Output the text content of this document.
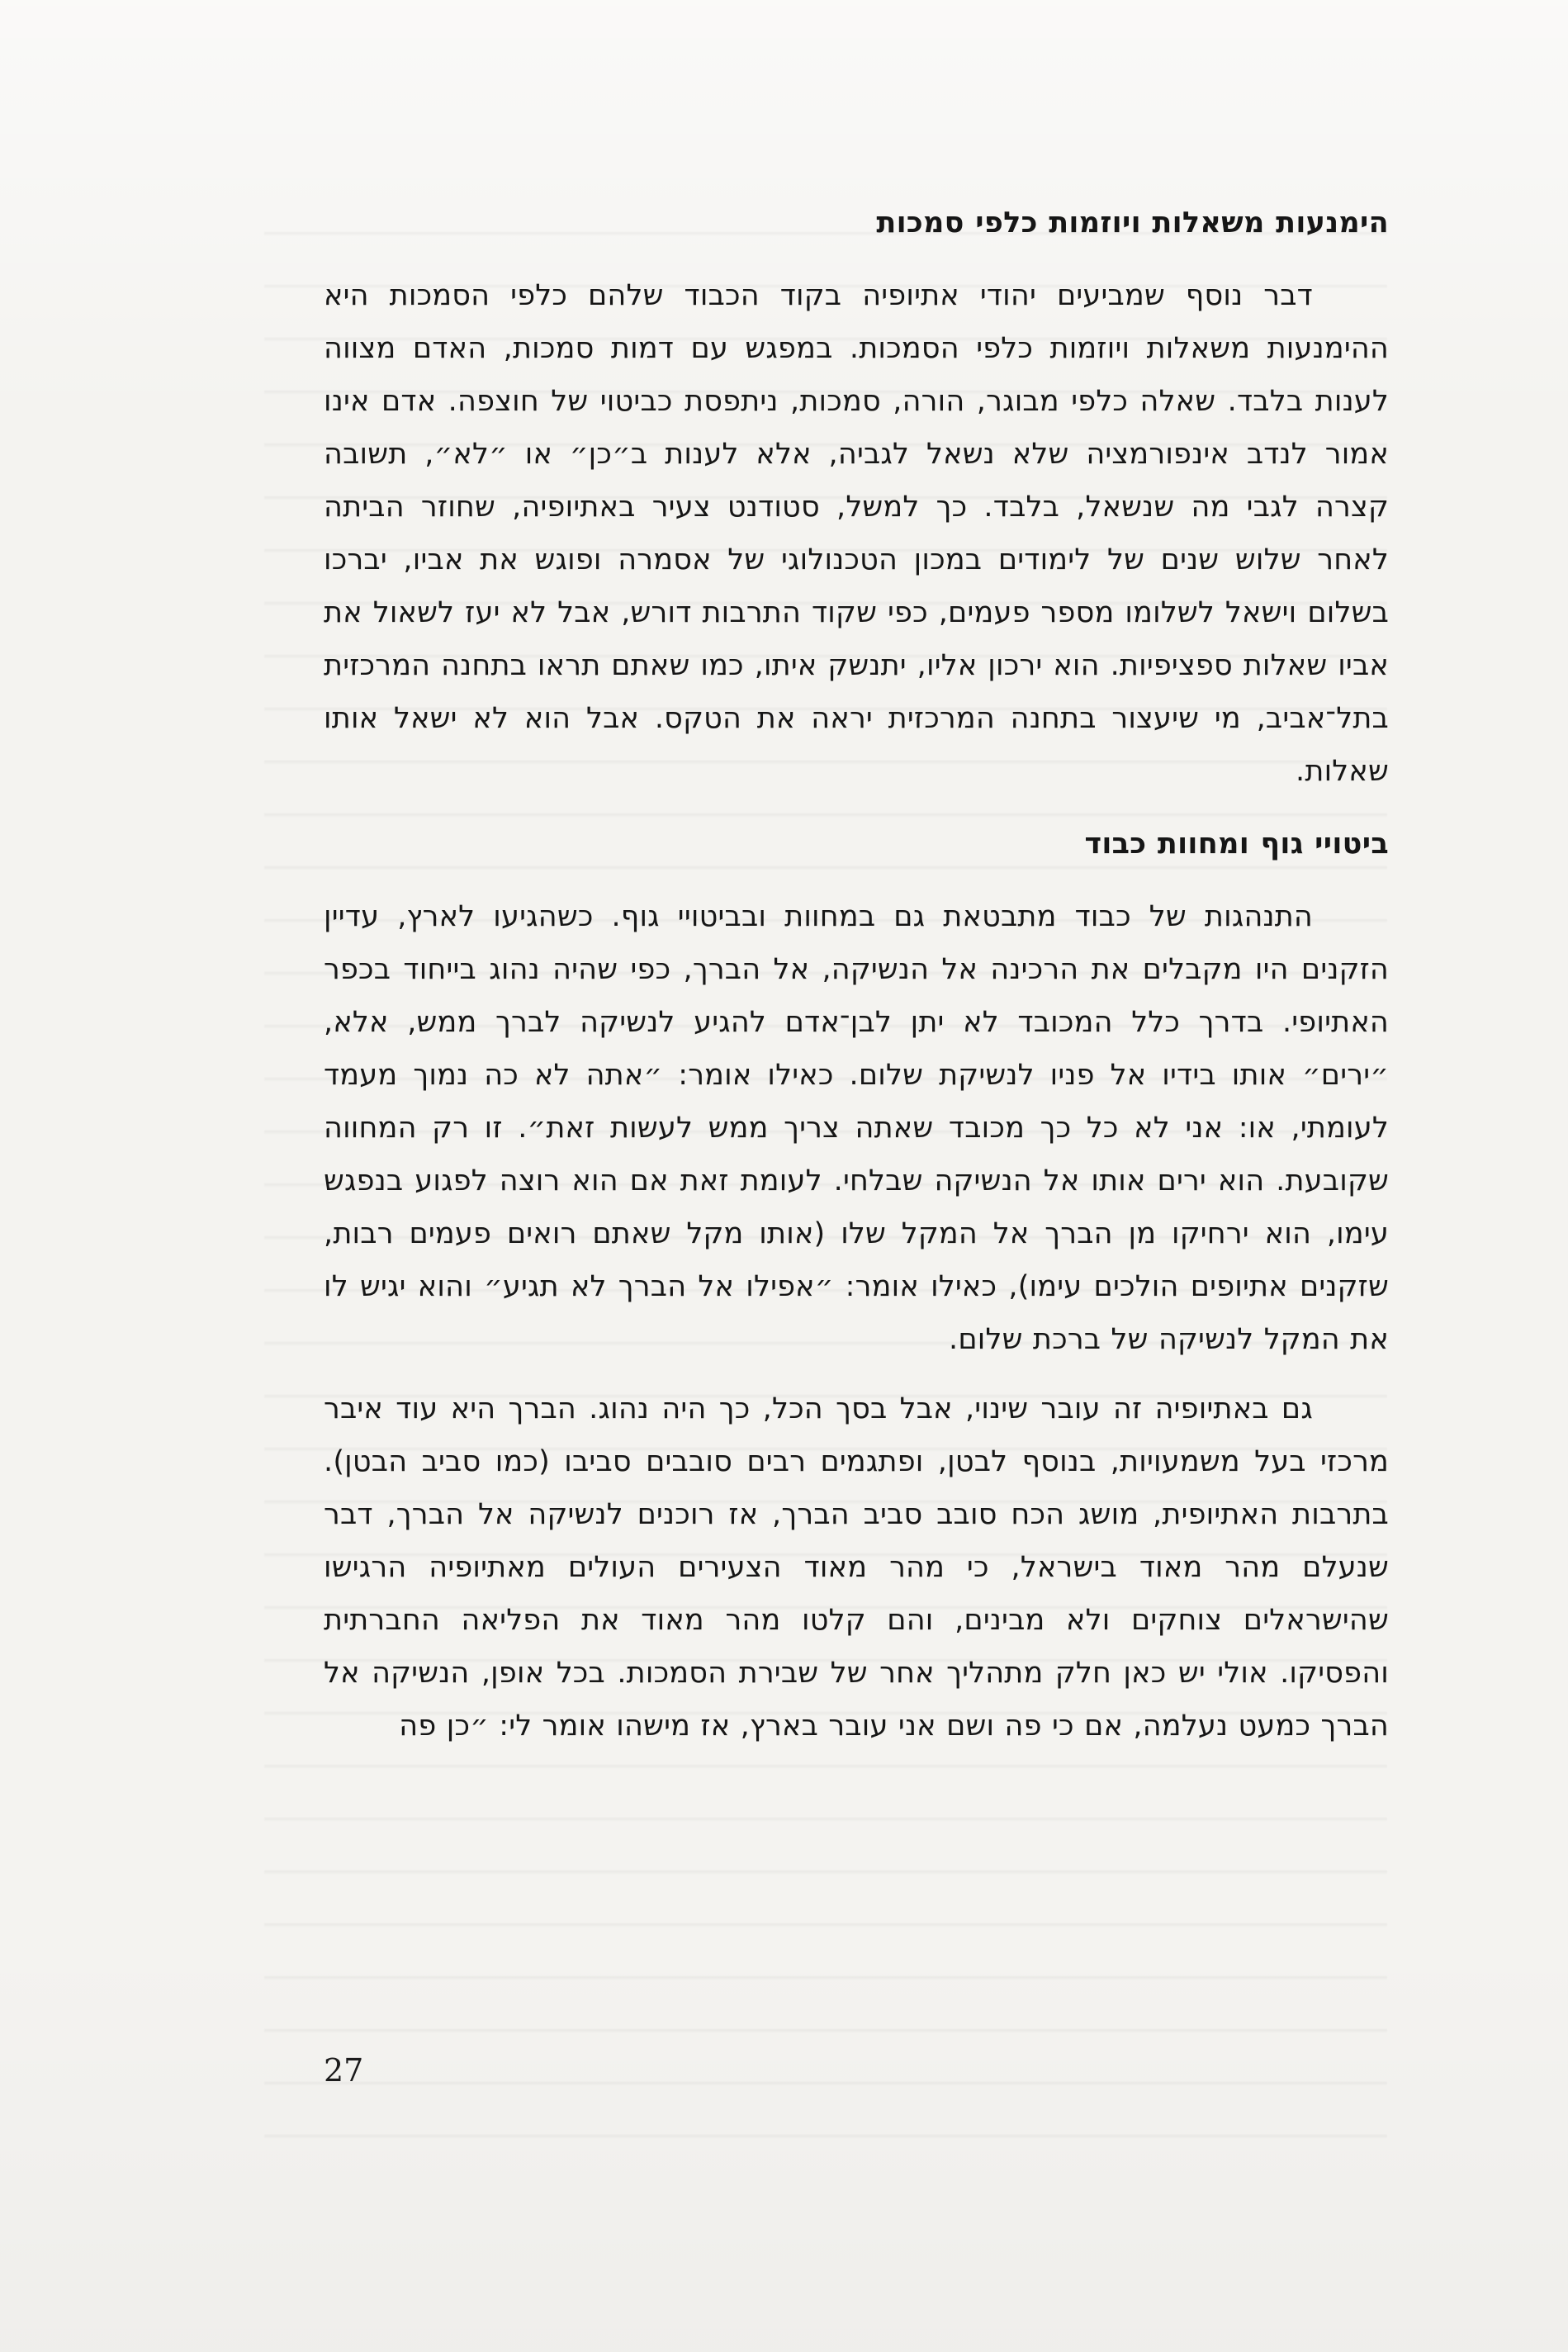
הימנעות משאלות ויוזמות כלפי סמכות

דבר נוסף שמביעים יהודי אתיופיה בקוד הכבוד שלהם כלפי הסמכות היא ההימנעות משאלות ויוזמות כלפי הסמכות. במפגש עם דמות סמכות, האדם מצווה לענות בלבד. שאלה כלפי מבוגר, הורה, סמכות, ניתפסת כביטוי של חוצפה. אדם אינו אמור לנדב אינפורמציה שלא נשאל לגביה, אלא לענות ב״כן״ או ״לא״, תשובה קצרה לגבי מה שנשאל, בלבד. כך למשל, סטודנט צעיר באתיופיה, שחוזר הביתה לאחר שלוש שנים של לימודים במכון הטכנולוגי של אסמרה ופוגש את אביו, יברכו בשלום וישאל לשלומו מספר פעמים, כפי שקוד התרבות דורש, אבל לא יעז לשאול את אביו שאלות ספציפיות. הוא ירכון אליו, יתנשק איתו, כמו שאתם תראו בתחנה המרכזית בתל־אביב, מי שיעצור בתחנה המרכזית יראה את הטקס. אבל הוא לא ישאל אותו שאלות.

ביטויי גוף ומחוות כבוד

התנהגות של כבוד מתבטאת גם במחוות ובביטויי גוף. כשהגיעו לארץ, עדיין הזקנים היו מקבלים את הרכינה אל הנשיקה, אל הברך, כפי שהיה נהוג בייחוד בכפר האתיופי. בדרך כלל המכובד לא יתן לבן־אדם להגיע לנשיקה לברך ממש, אלא, ״ירים״ אותו בידיו אל פניו לנשיקת שלום. כאילו אומר: ״אתה לא כה נמוך מעמד לעומתי, או: אני לא כל כך מכובד שאתה צריך ממש לעשות זאת״. זו רק המחווה שקובעת. הוא ירים אותו אל הנשיקה שבלחי. לעומת זאת אם הוא רוצה לפגוע בנפגש עימו, הוא ירחיקו מן הברך אל המקל שלו (אותו מקל שאתם רואים פעמים רבות, שזקנים אתיופים הולכים עימו), כאילו אומר: ״אפילו אל הברך לא תגיע״ והוא יגיש לו את המקל לנשיקה של ברכת שלום.

גם באתיופיה זה עובר שינוי, אבל בסך הכל, כך היה נהוג. הברך היא עוד איבר מרכזי בעל משמעויות, בנוסף לבטן, ופתגמים רבים סובבים סביבו (כמו סביב הבטן). בתרבות האתיופית, מושג הכח סובב סביב הברך, אז רוכנים לנשיקה אל הברך, דבר שנעלם מהר מאוד בישראל, כי מהר מאוד הצעירים העולים מאתיופיה הרגישו שהישראלים צוחקים ולא מבינים, והם קלטו מהר מאוד את הפליאה החברתית והפסיקו. אולי יש כאן חלק מתהליך אחר של שבירת הסמכות. בכל אופן, הנשיקה אל הברך כמעט נעלמה, אם כי פה ושם אני עובר בארץ, אז מישהו אומר לי: ״כן פה

27
